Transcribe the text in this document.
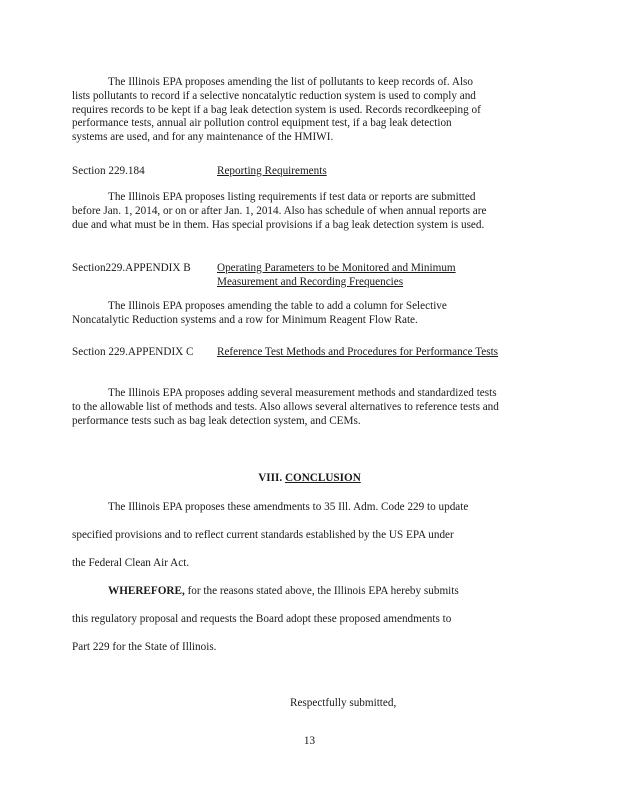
The Illinois EPA proposes amending the list of pollutants to keep records of. Also lists pollutants to record if a selective noncatalytic reduction system is used to comply and requires records to be kept if a bag leak detection system is used. Records recordkeeping of performance tests, annual air pollution control equipment test, if a bag leak detection systems are used, and for any maintenance of the HMIWI.

Section 229.184	Reporting Requirements

The Illinois EPA proposes listing requirements if test data or reports are submitted before Jan. 1, 2014, or on or after Jan. 1, 2014. Also has schedule of when annual reports are due and what must be in them. Has special provisions if a bag leak detection system is used.

Section229.APPENDIX B Operating Parameters to be Monitored and Minimum Measurement and Recording Frequencies

The Illinois EPA proposes amending the table to add a column for Selective Noncatalytic Reduction systems and a row for Minimum Reagent Flow Rate.

Section 229.APPENDIX C Reference Test Methods and Procedures for Performance Tests

The Illinois EPA proposes adding several measurement methods and standardized tests to the allowable list of methods and tests. Also allows several alternatives to reference tests and performance tests such as bag leak detection system, and CEMs.

VIII. CONCLUSION
The Illinois EPA proposes these amendments to 35 Ill. Adm. Code 229 to update
specified provisions and to reflect current standards established by the US EPA under
the Federal Clean Air Act.
WHEREFORE, for the reasons stated above, the Illinois EPA hereby submits
this regulatory proposal and requests the Board adopt these proposed amendments to
Part 229 for the State of Illinois.
Respectfully submitted,
13
